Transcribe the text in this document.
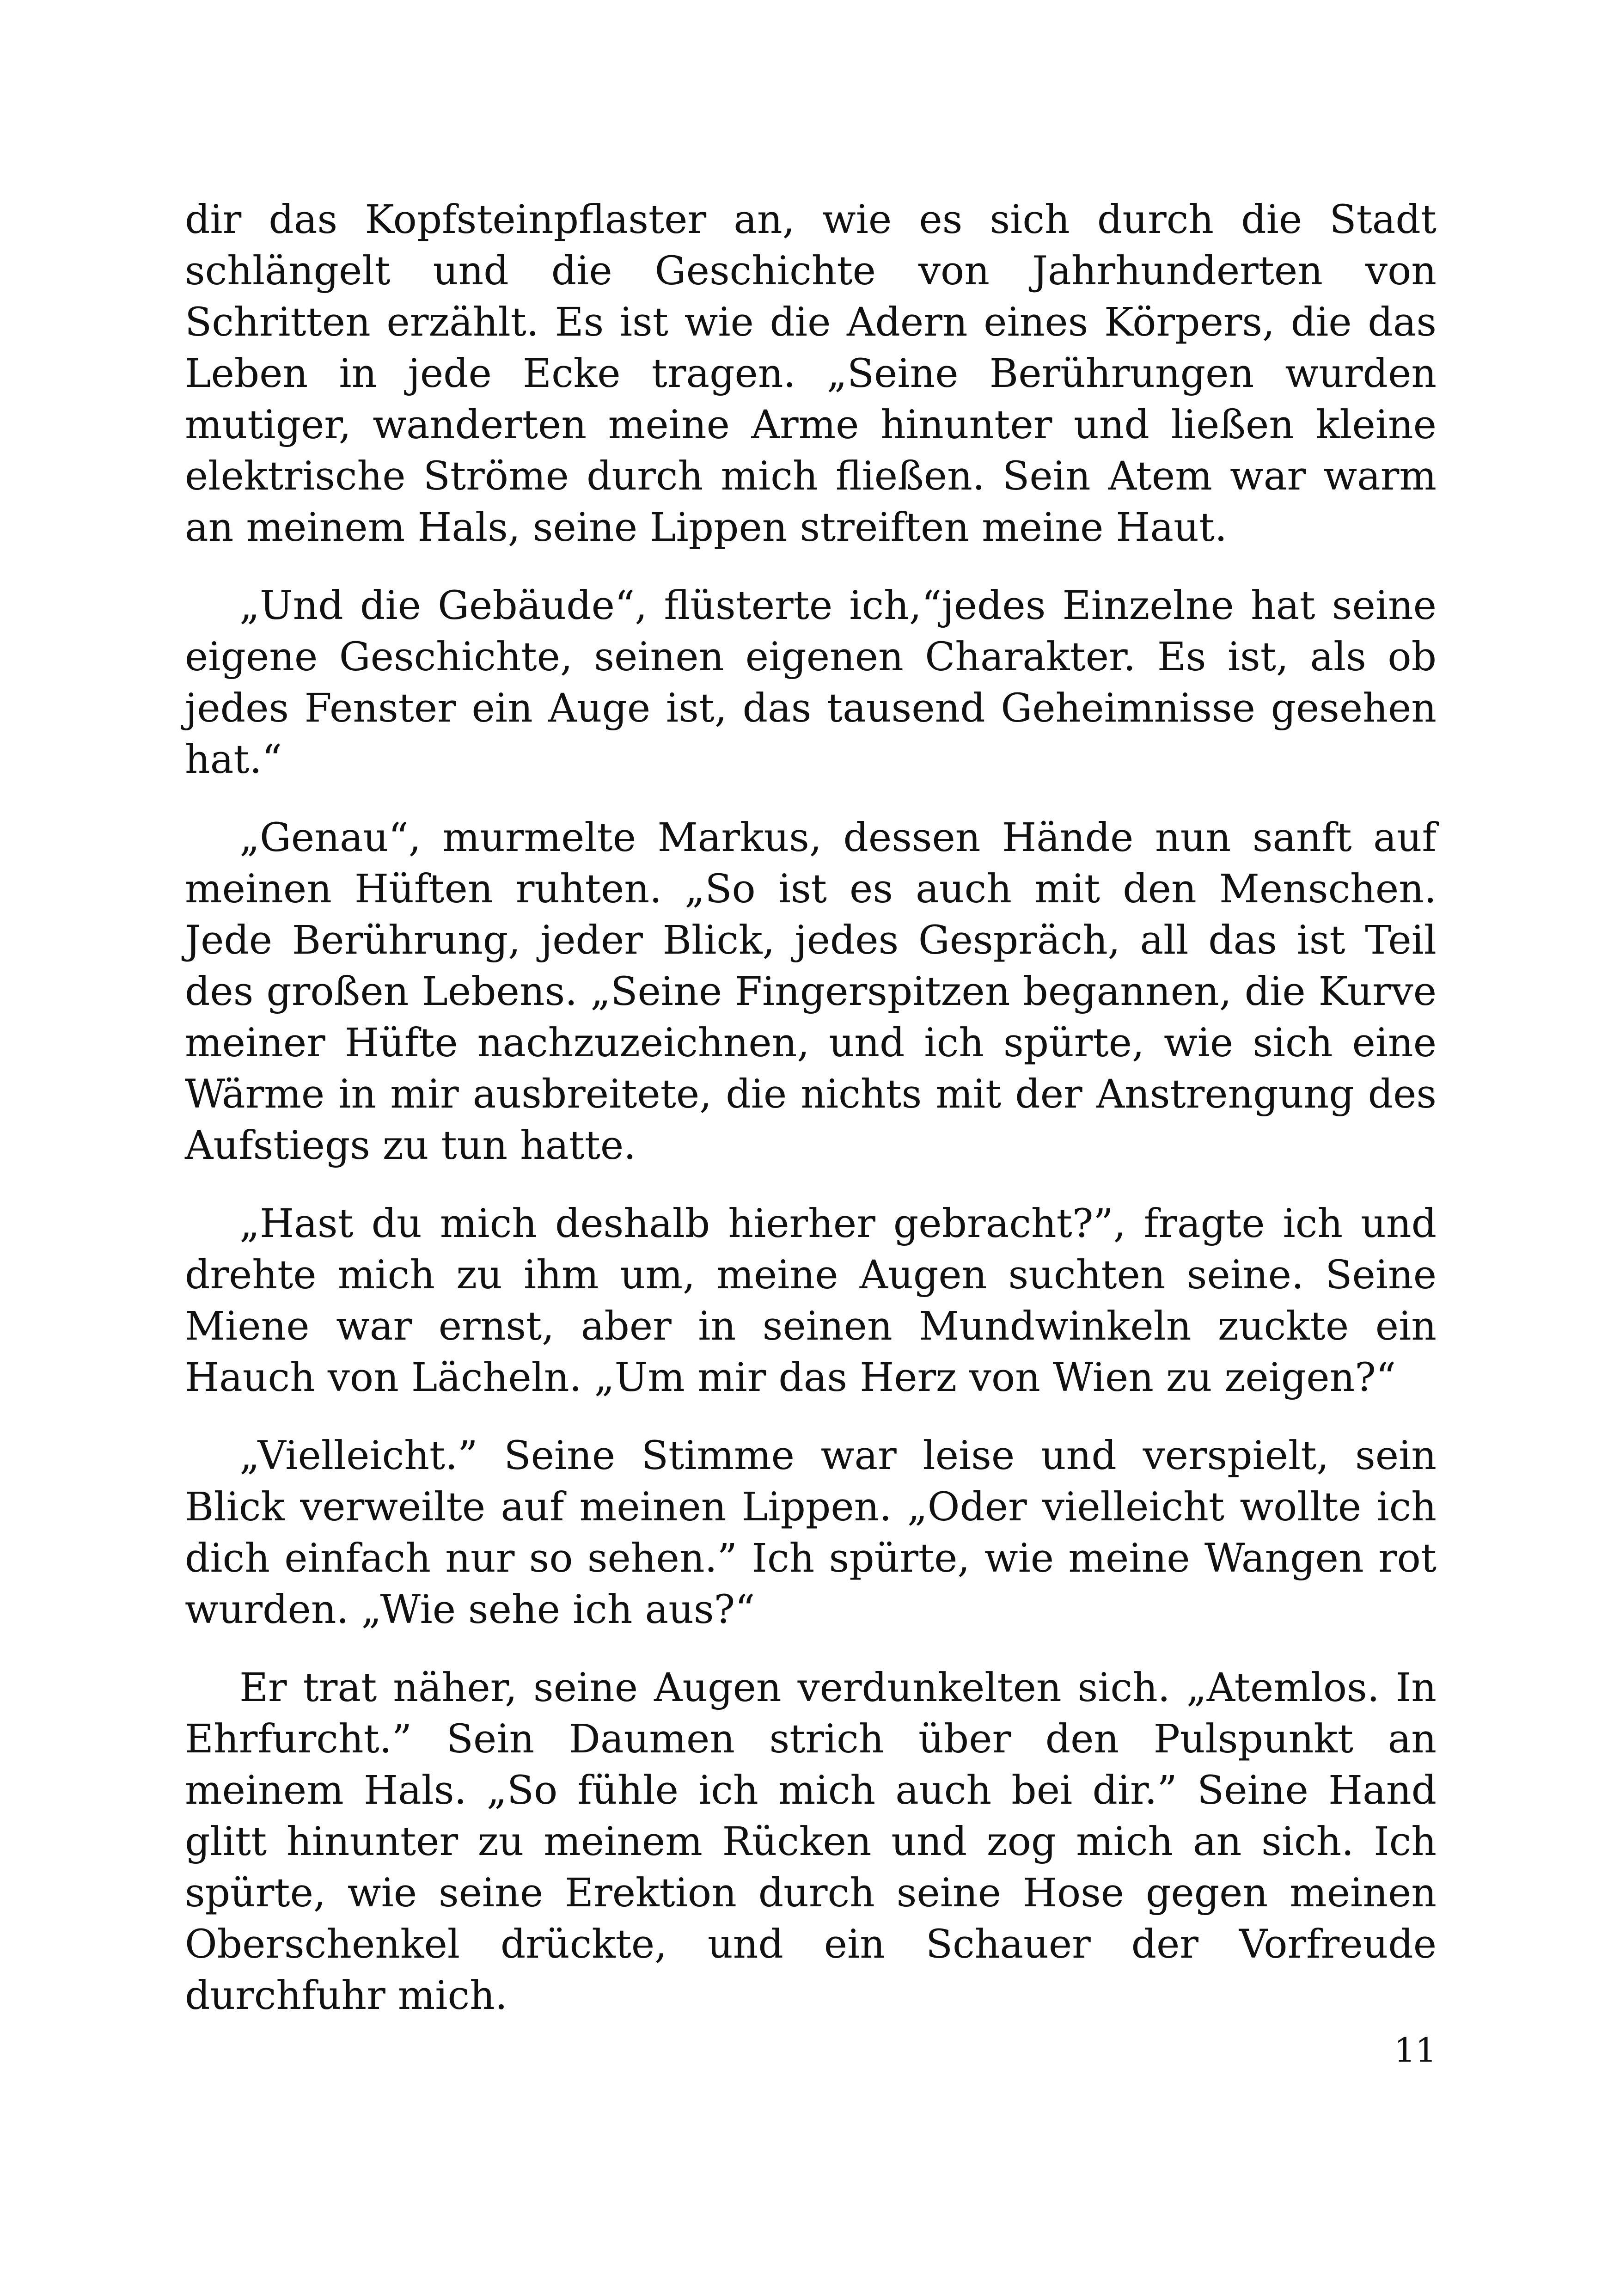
dir das Kopfsteinpflaster an, wie es sich durch die Stadt schlängelt und die Geschichte von Jahrhunderten von Schritten erzählt. Es ist wie die Adern eines Körpers, die das Leben in jede Ecke tragen. „Seine Berührungen wurden mutiger, wanderten meine Arme hinunter und ließen kleine elektrische Ströme durch mich fließen. Sein Atem war warm an meinem Hals, seine Lippen streiften meine Haut.

„Und die Gebäude“, flüsterte ich,“jedes Einzelne hat seine eigene Geschichte, seinen eigenen Charakter. Es ist, als ob jedes Fenster ein Auge ist, das tausend Geheimnisse gesehen hat.“

„Genau“, murmelte Markus, dessen Hände nun sanft auf meinen Hüften ruhten. „So ist es auch mit den Menschen. Jede Berührung, jeder Blick, jedes Gespräch, all das ist Teil des großen Lebens. „Seine Fingerspitzen begannen, die Kurve meiner Hüfte nachzuzeichnen, und ich spürte, wie sich eine Wärme in mir ausbreitete, die nichts mit der Anstrengung des Aufstiegs zu tun hatte.

„Hast du mich deshalb hierher gebracht?”, fragte ich und drehte mich zu ihm um, meine Augen suchten seine. Seine Miene war ernst, aber in seinen Mundwinkeln zuckte ein Hauch von Lächeln. „Um mir das Herz von Wien zu zeigen?“

„Vielleicht.” Seine Stimme war leise und verspielt, sein Blick verweilte auf meinen Lippen. „Oder vielleicht wollte ich dich einfach nur so sehen.” Ich spürte, wie meine Wangen rot wurden. „Wie sehe ich aus?“

Er trat näher, seine Augen verdunkelten sich. „Atemlos. In Ehrfurcht.” Sein Daumen strich über den Pulspunkt an meinem Hals. „So fühle ich mich auch bei dir.” Seine Hand glitt hinunter zu meinem Rücken und zog mich an sich. Ich spürte, wie seine Erektion durch seine Hose gegen meinen Oberschenkel drückte, und ein Schauer der Vorfreude durchfuhr mich.

11
